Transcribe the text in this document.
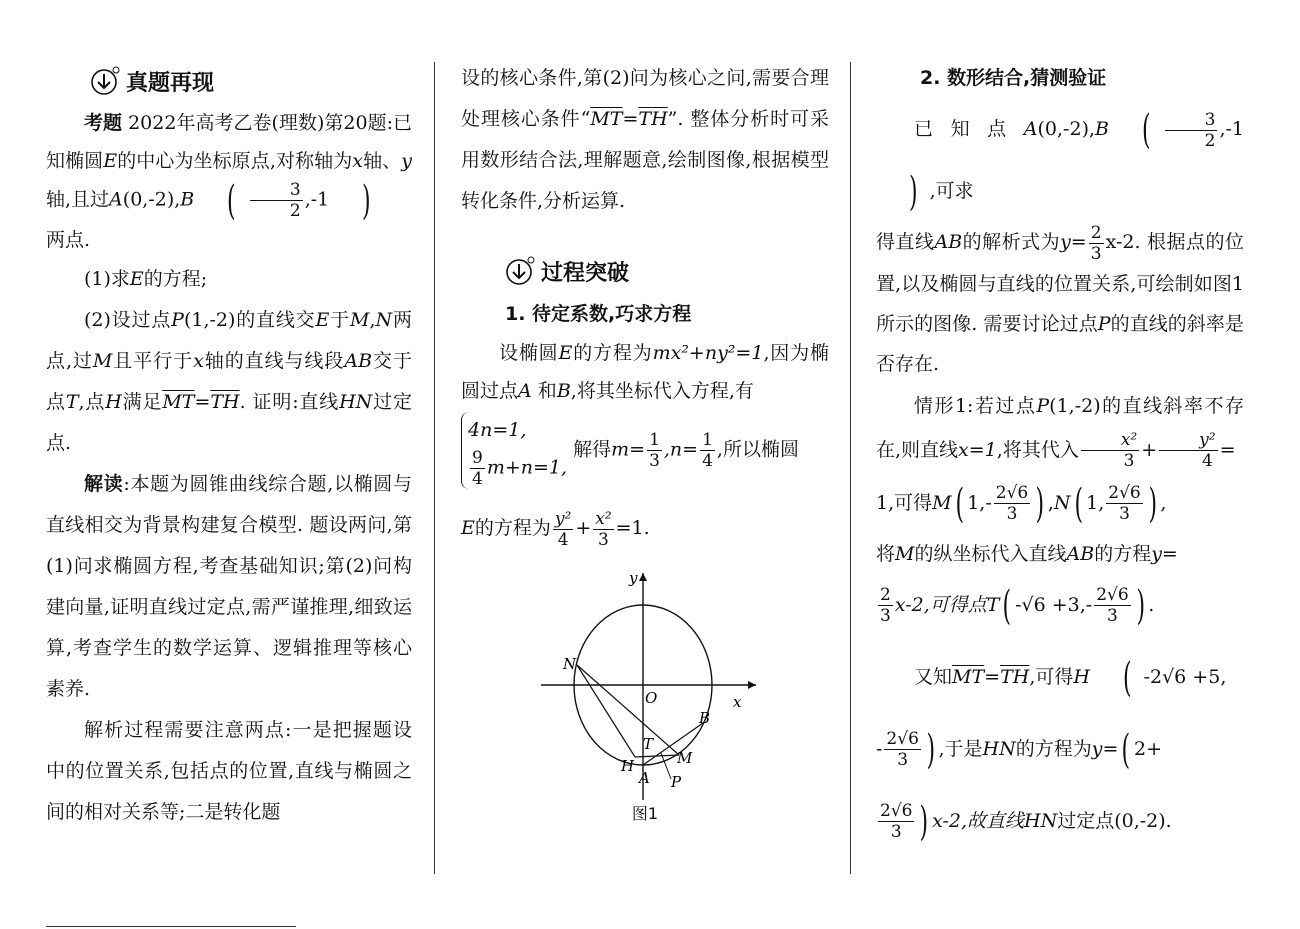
真题再现

考题 2022年高考乙卷(理数)第20题:已知椭圆E的中心为坐标原点,对称轴为x轴、y轴,且过A(0,-2),B ( $\frac{3}{2} ,-1$ )
两点.

(1)求E的方程;

(2)设过点P(1,-2)的直线交E于M,N两点,过M且平行于x轴的直线与线段AB交于点T,点H满足$\overline{MT}=\overline{TH}$. 证明:直线HN过定点.

解读:本题为圆锥曲线综合题,以椭圆与直线相交为背景构建复合模型. 题设两问,第(1)问求椭圆方程,考查基础知识;第(2)问构建向量,证明直线过定点,需严谨推理,细致运算,考查学生的数学运算、逻辑推理等核心素养.

解析过程需要注意两点:一是把握题设中的位置关系,包括点的位置,直线与椭圆之间的相对关系等;二是转化题

设的核心条件,第(2)问为核心之问,需要合理处理核心条件“$\overline{MT}=\overline{TH}$”. 整体分析时可采用数形结合法,理解题意,绘制图像,根据模型转化条件,分析运算.

过程突破
1. 待定系数,巧求方程

设椭圆E的方程为mx²+ny²=1,因为椭圆过点A 和B,将其坐标代入方程,有

4n=1,
$\frac{9}{4} m+n=1$,
解得$m= \frac{1}{3} ,n= \frac{1}{4}$ ,所以椭圆

E的方程为 $\frac{\text{y²}}{4} + \frac{\text{x²}}{3} =1$.

y
x
O
N
B
T
M
H
A P
图1
2. 数形结合,猜测验证

已知点A(0,-2),B ( $\frac{3}{2} ,-1$) ,可求

得直线AB的解析式为$y= \frac{2}{3} x-2$. 根据点的位置,以及椭圆与直线的位置关系,可绘制如图1所示的图像. 需要讨论过点P的直线的斜率是否存在.

情形1:若过点P(1,-2)的直线斜率不存在,则直线x=1,将其代入 $\frac{\text{x²}}{3} + \frac{\text{y²}}{4}$ =

1,可得M( $1,- \frac{2√6}{3}$ ) ,N( 1, $\frac{2√6}{3}$ ) ,

将M的纵坐标代入直线AB的方程y=

$\frac{2}{3} x-2$,可得点T( $-√6 +3,- \frac{2√6}{3}$ ) .

又知$\overline{MT}=\overline{TH}$,可得H ( -2√6 +5,

- $\frac{2√6}{3}$ ) ,于是HN的方程为y=( 2+

$\frac{2√6}{3}$ ) x-2,故直线HN过定点(0,-2).
